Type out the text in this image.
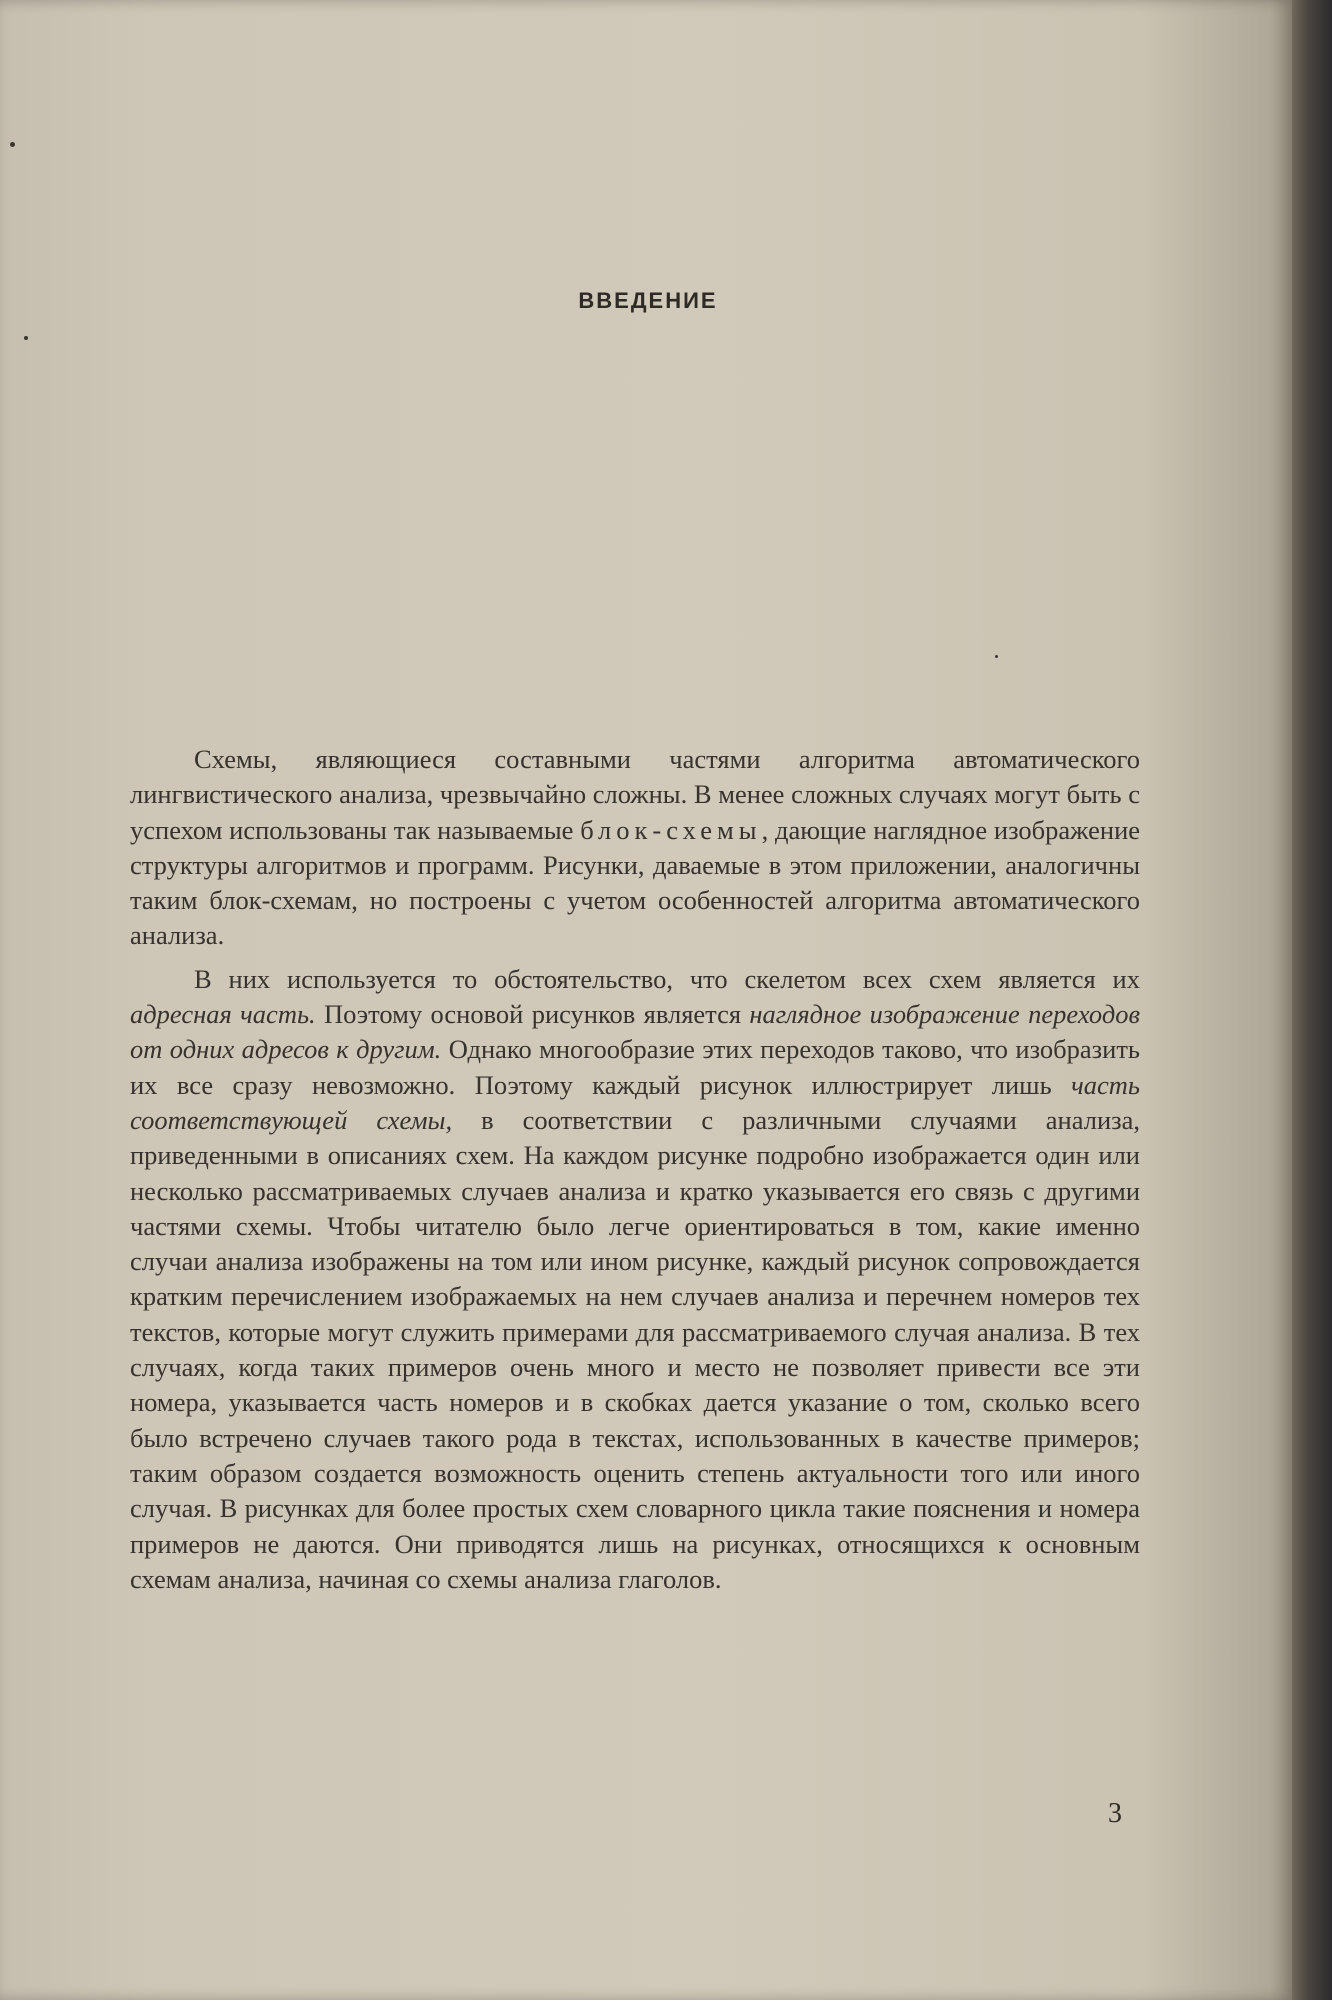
ВВЕДЕНИЕ

Схемы, являющиеся составными частями алгоритма автоматического лингвистического анализа, чрезвычайно сложны. В менее сложных случаях могут быть с успехом использованы так называемые блок-схемы, дающие наглядное изображение структуры алгоритмов и программ. Рисунки, даваемые в этом приложении, аналогичны таким блок-схемам, но построены с учетом особенностей алгоритма автоматического анализа.

В них используется то обстоятельство, что скелетом всех схем является их адресная часть. Поэтому основой рисунков является наглядное изображение переходов от одних адресов к другим. Однако многообразие этих переходов таково, что изобразить их все сразу невозможно. Поэтому каждый рисунок иллюстрирует лишь часть соответствующей схемы, в соответствии с различными случаями анализа, приведенными в описаниях схем. На каждом рисунке подробно изображается один или несколько рассматриваемых случаев анализа и кратко указывается его связь с другими частями схемы. Чтобы читателю было легче ориентироваться в том, какие именно случаи анализа изображены на том или ином рисунке, каждый рисунок сопровождается кратким перечислением изображаемых на нем случаев анализа и перечнем номеров тех текстов, которые могут служить примерами для рассматриваемого случая анализа. В тех случаях, когда таких примеров очень много и место не позволяет привести все эти номера, указывается часть номеров и в скобках дается указание о том, сколько всего было встречено случаев такого рода в текстах, использованных в качестве примеров; таким образом создается возможность оценить степень актуальности того или иного случая. В рисунках для более простых схем словарного цикла такие пояснения и номера примеров не даются. Они приводятся лишь на рисунках, относящихся к основным схемам анализа, начиная со схемы анализа глаголов.

3
